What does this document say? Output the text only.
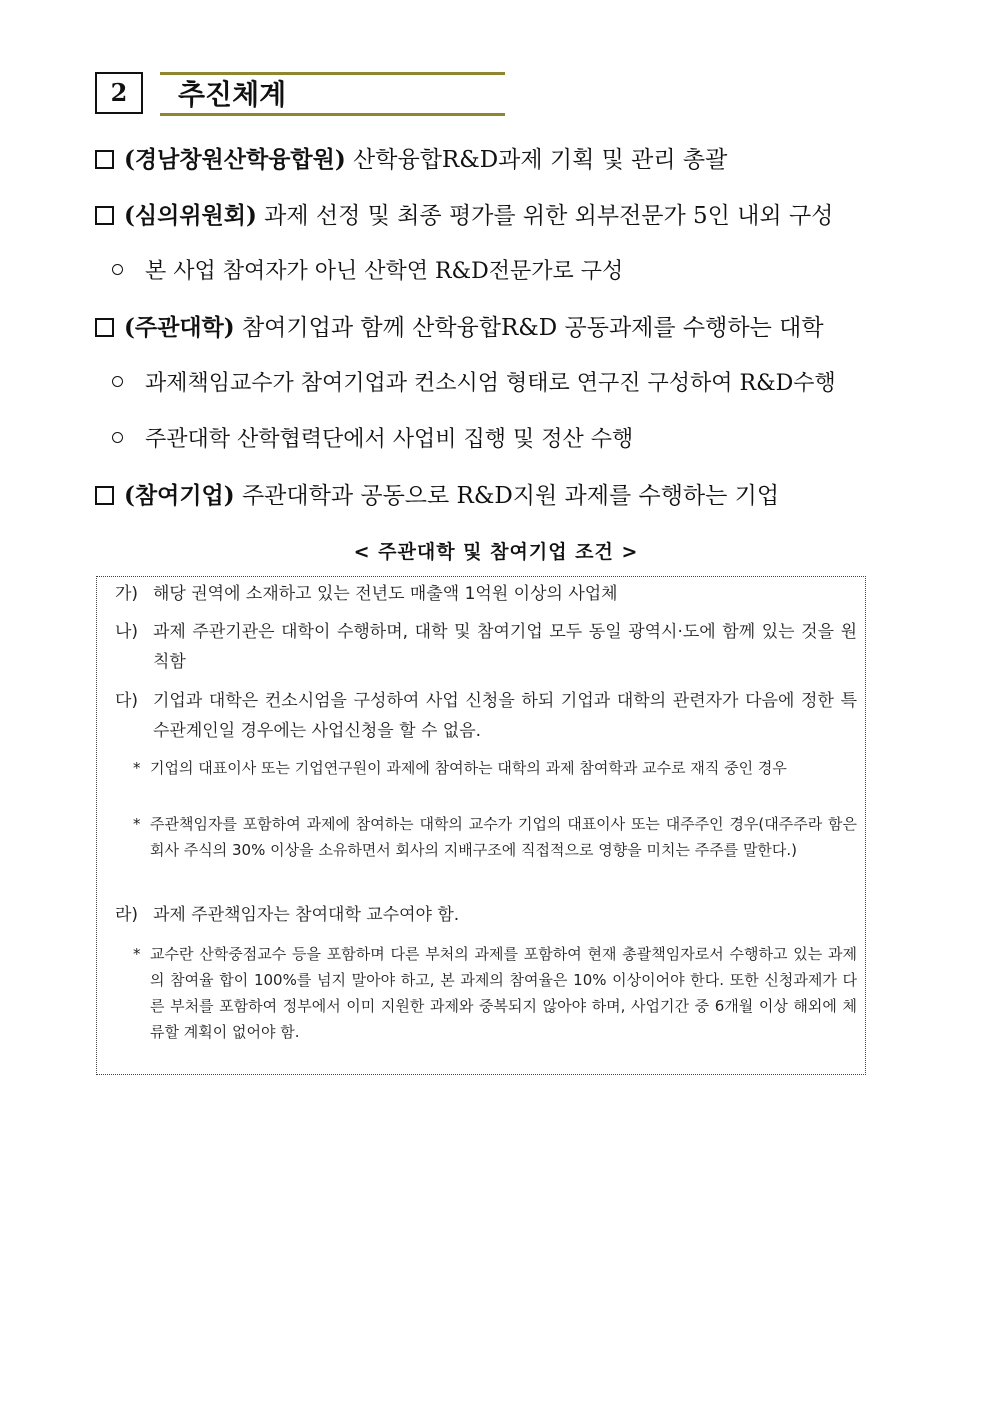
2	추진체계
(경남창원산학융합원) 산학융합R&D과제 기획 및 관리 총괄
(심의위원회) 과제 선정 및 최종 평가를 위한 외부전문가 5인 내외 구성
본 사업 참여자가 아닌 산학연 R&D전문가로 구성
(주관대학) 참여기업과 함께 산학융합R&D 공동과제를 수행하는 대학
과제책임교수가 참여기업과 컨소시엄 형태로 연구진 구성하여 R&D수행
주관대학 산학협력단에서 사업비 집행 및 정산 수행
(참여기업) 주관대학과 공동으로 R&D지원 과제를 수행하는 기업
< 주관대학 및 참여기업 조건 >
가) 해당 권역에 소재하고 있는 전년도 매출액 1억원 이상의 사업체
나) 과제 주관기관은 대학이 수행하며, 대학 및 참여기업 모두 동일 광역시·도에 함께 있는 것을 원칙함
다) 기업과 대학은 컨소시엄을 구성하여 사업 신청을 하되 기업과 대학의 관련자가 다음에 정한 특수관계인일 경우에는 사업신청을 할 수 없음.
* 기업의 대표이사 또는 기업연구원이 과제에 참여하는 대학의 과제 참여학과 교수로 재직 중인 경우
* 주관책임자를 포함하여 과제에 참여하는 대학의 교수가 기업의 대표이사 또는 대주주인 경우(대주주라 함은 회사 주식의 30% 이상을 소유하면서 회사의 지배구조에 직접적으로 영향을 미치는 주주를 말한다.)
라) 과제 주관책임자는 참여대학 교수여야 함.
* 교수란 산학중점교수 등을 포함하며 다른 부처의 과제를 포함하여 현재 총괄책임자로서 수행하고 있는 과제의 참여율 합이 100%를 넘지 말아야 하고, 본 과제의 참여율은 10% 이상이어야 한다. 또한 신청과제가 다른 부처를 포함하여 정부에서 이미 지원한 과제와 중복되지 않아야 하며, 사업기간 중 6개월 이상 해외에 체류할 계획이 없어야 함.
